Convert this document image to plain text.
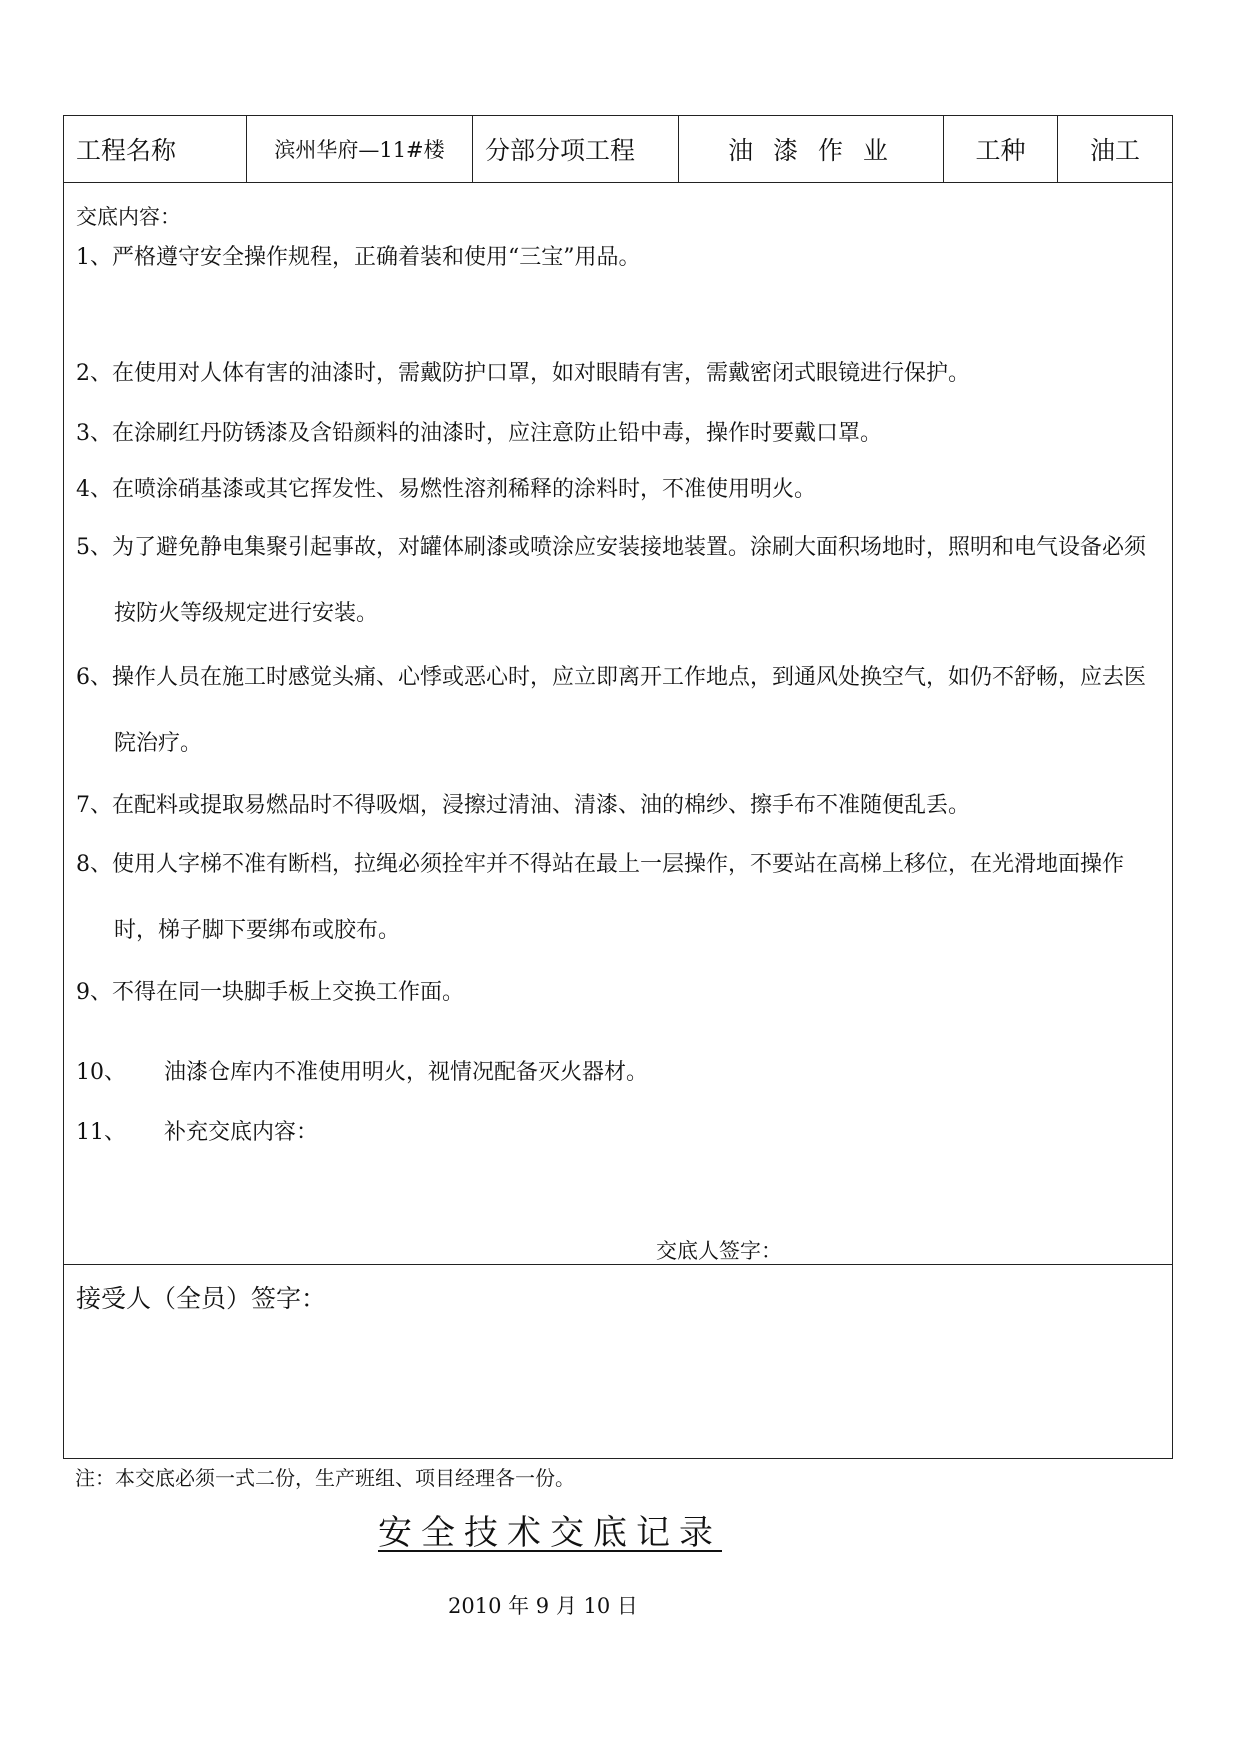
工程名称	滨州华府—11#楼	分部分项工程	油 漆 作 业	工种	油工
交底内容：
1、严格遵守安全操作规程，正确着装和使用“三宝”用品。
2、在使用对人体有害的油漆时，需戴防护口罩，如对眼睛有害，需戴密闭式眼镜进行保护。
3、在涂刷红丹防锈漆及含铅颜料的油漆时，应注意防止铅中毒，操作时要戴口罩。
4、在喷涂硝基漆或其它挥发性、易燃性溶剂稀释的涂料时，不准使用明火。
5、为了避免静电集聚引起事故，对罐体刷漆或喷涂应安装接地装置。涂刷大面积场地时，照明和电气设备必须按防火等级规定进行安装。
6、操作人员在施工时感觉头痛、心悸或恶心时，应立即离开工作地点，到通风处换空气，如仍不舒畅，应去医院治疗。
7、在配料或提取易燃品时不得吸烟，浸擦过清油、清漆、油的棉纱、擦手布不准随便乱丢。
8、使用人字梯不准有断档，拉绳必须拴牢并不得站在最上一层操作，不要站在高梯上移位，在光滑地面操作时，梯子脚下要绑布或胶布。
9、不得在同一块脚手板上交换工作面。
10、	油漆仓库内不准使用明火，视情况配备灭火器材。
11、	补充交底内容：
交底人签字：
接受人（全员）签字：
注：本交底必须一式二份，生产班组、项目经理各一份。
安全技术交底记录
2010 年 9 月 10 日
